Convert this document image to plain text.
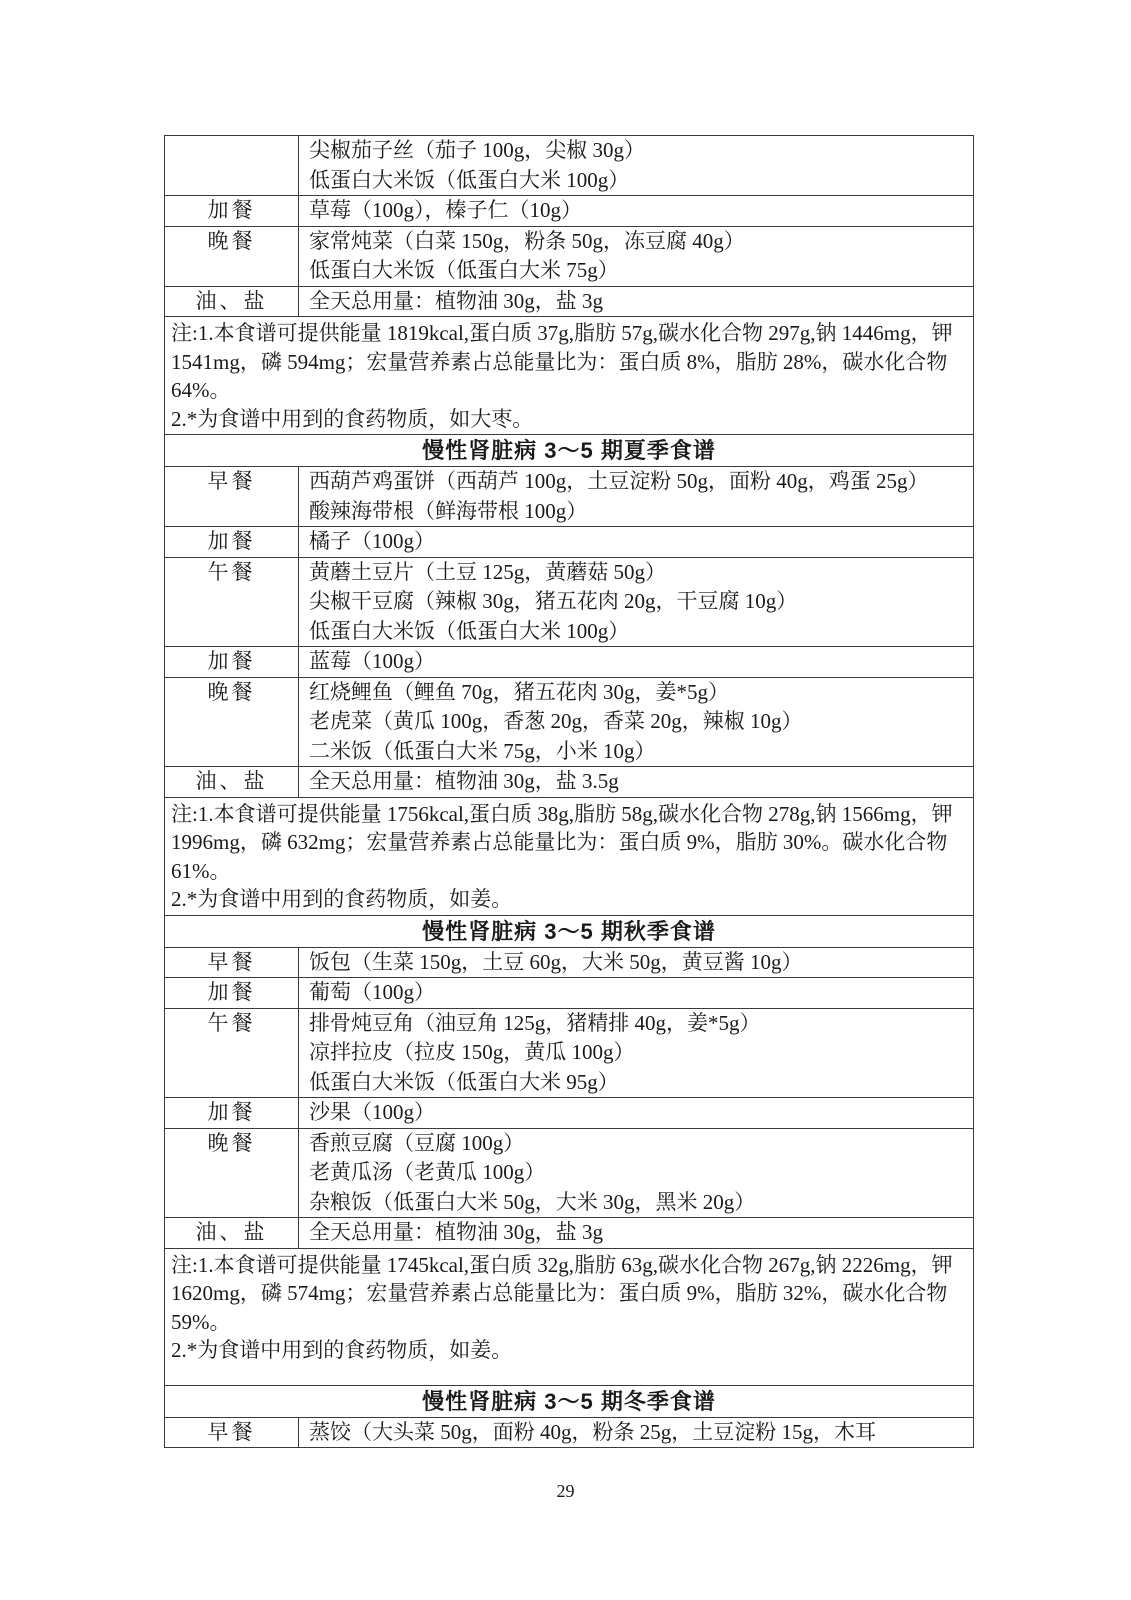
尖椒茄子丝（茄子 100g，尖椒 30g）
低蛋白大米饭（低蛋白大米 100g）
加餐	草莓（100g），榛子仁（10g）
晚餐	家常炖菜（白菜 150g，粉条 50g，冻豆腐 40g）
低蛋白大米饭（低蛋白大米 75g）
油、盐	全天总用量：植物油 30g，盐 3g
注:1.本食谱可提供能量 1819kcal,蛋白质 37g,脂肪 57g,碳水化合物 297g,钠 1446mg，钾 1541mg，磷 594mg；宏量营养素占总能量比为：蛋白质 8%，脂肪 28%，碳水化合物 64%。
2.*为食谱中用到的食药物质，如大枣。
慢性肾脏病 3～5 期夏季食谱
早餐	西葫芦鸡蛋饼（西葫芦 100g，土豆淀粉 50g，面粉 40g，鸡蛋 25g）
酸辣海带根（鲜海带根 100g）
加餐	橘子（100g）
午餐	黄蘑土豆片（土豆 125g，黄蘑菇 50g）
尖椒干豆腐（辣椒 30g，猪五花肉 20g，干豆腐 10g）
低蛋白大米饭（低蛋白大米 100g）
加餐	蓝莓（100g）
晚餐	红烧鲤鱼（鲤鱼 70g，猪五花肉 30g，姜*5g）
老虎菜（黄瓜 100g，香葱 20g，香菜 20g，辣椒 10g）
二米饭（低蛋白大米 75g，小米 10g）
油、盐	全天总用量：植物油 30g，盐 3.5g
注:1.本食谱可提供能量 1756kcal,蛋白质 38g,脂肪 58g,碳水化合物 278g,钠 1566mg，钾 1996mg，磷 632mg；宏量营养素占总能量比为：蛋白质 9%，脂肪 30%。碳水化合物 61%。
2.*为食谱中用到的食药物质，如姜。
慢性肾脏病 3～5 期秋季食谱
早餐	饭包（生菜 150g，土豆 60g，大米 50g，黄豆酱 10g）
加餐	葡萄（100g）
午餐	排骨炖豆角（油豆角 125g，猪精排 40g，姜*5g）
凉拌拉皮（拉皮 150g，黄瓜 100g）
低蛋白大米饭（低蛋白大米 95g）
加餐	沙果（100g）
晚餐	香煎豆腐（豆腐 100g）
老黄瓜汤（老黄瓜 100g）
杂粮饭（低蛋白大米 50g，大米 30g，黑米 20g）
油、盐	全天总用量：植物油 30g，盐 3g
注:1.本食谱可提供能量 1745kcal,蛋白质 32g,脂肪 63g,碳水化合物 267g,钠 2226mg，钾 1620mg，磷 574mg；宏量营养素占总能量比为：蛋白质 9%，脂肪 32%，碳水化合物 59%。
2.*为食谱中用到的食药物质，如姜。
慢性肾脏病 3～5 期冬季食谱
早餐	蒸饺（大头菜 50g，面粉 40g，粉条 25g，土豆淀粉 15g，木耳
29
